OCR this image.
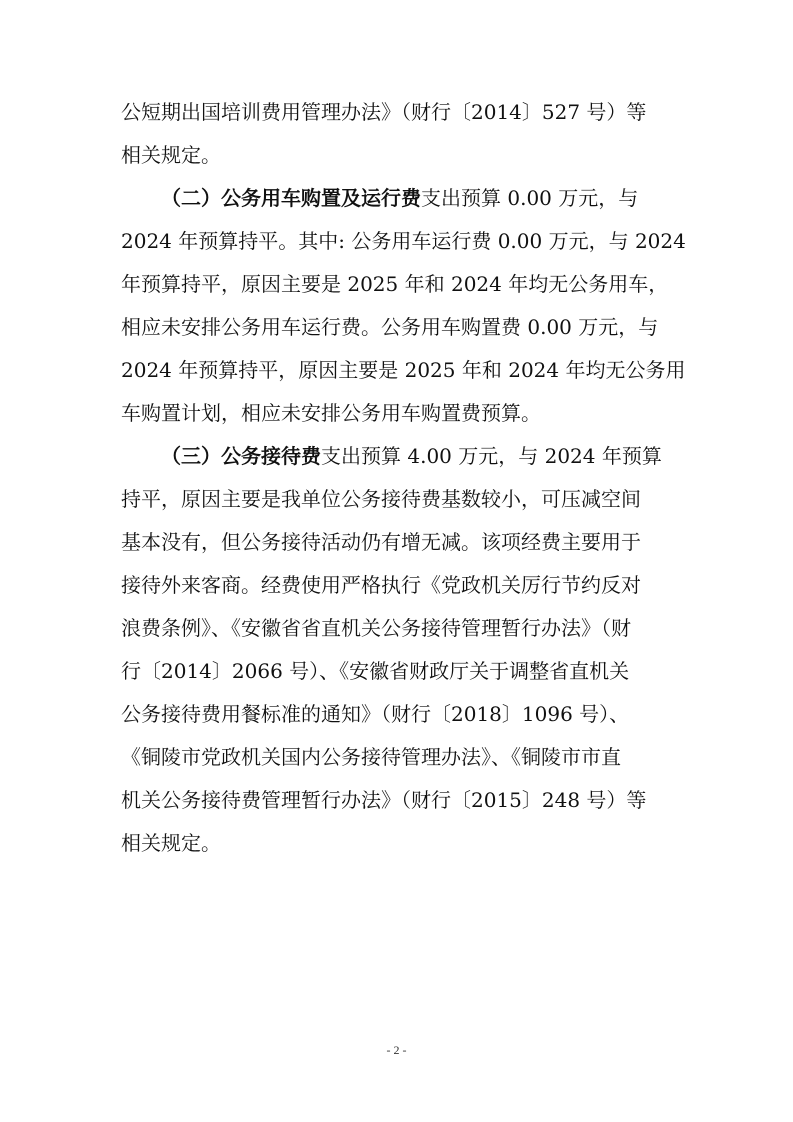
公短期出国培训费用管理办法》（财行〔2014〕527 号）等
相关规定。
（二）公务用车购置及运行费支出预算 0.00 万元，与
2024 年预算持平。其中: 公务用车运行费 0.00 万元，与 2024
年预算持平，原因主要是 2025 年和 2024 年均无公务用车，
相应未安排公务用车运行费。公务用车购置费 0.00 万元，与
2024 年预算持平，原因主要是 2025 年和 2024 年均无公务用
车购置计划，相应未安排公务用车购置费预算。
（三）公务接待费支出预算 4.00 万元，与 2024 年预算
持平，原因主要是我单位公务接待费基数较小，可压减空间
基本没有，但公务接待活动仍有增无减。该项经费主要用于
接待外来客商。经费使用严格执行《党政机关厉行节约反对
浪费条例》、《安徽省省直机关公务接待管理暂行办法》（财
行〔2014〕2066 号）、《安徽省财政厅关于调整省直机关
公务接待费用餐标准的通知》（财行〔2018〕1096 号）、
《铜陵市党政机关国内公务接待管理办法》、《铜陵市市直
机关公务接待费管理暂行办法》（财行〔2015〕248 号）等
相关规定。
- 2 -
